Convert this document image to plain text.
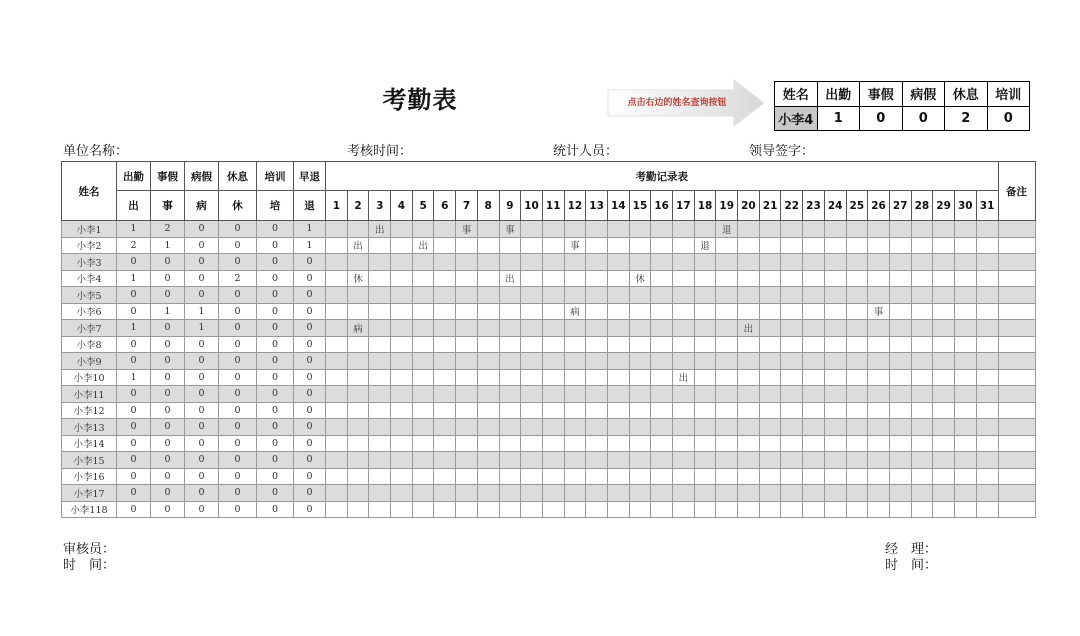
考勤表	点击右边的姓名查询按钮	姓名	出勤	事假	病假	休息	培训
小李4	1	0	0	2	0
单位名称：	考核时间：	统计人员：	领导签字：
姓名	出勤	事假	病假	休息	培训	早退	考勤记录表																															备注
	出	事	病	休	培	退	1	2	3	4	5	6	7	8	9	10	11	12	13	14	15	16	17	18	19	20	21	22	23	24	25	26	27	28	29	30	31	
小李1	1	2	0	0	0	1			出				事		事										退													
小李2	2	1	0	0	0	1		出			出							事						退														
小李3	0	0	0	0	0	0																																
小李4	1	0	0	2	0	0		休							出						休																	
小李5	0	0	0	0	0	0																																
小李6	0	1	1	0	0	0												病														事						
小李7	1	0	1	0	0	0		病																		出												
小李8	0	0	0	0	0	0																																
小李9	0	0	0	0	0	0																																
小李10	1	0	0	0	0	0																	出															
小李11	0	0	0	0	0	0																																
小李12	0	0	0	0	0	0																																
小李13	0	0	0	0	0	0																																
小李14	0	0	0	0	0	0																																
小李15	0	0	0	0	0	0																																
小李16	0	0	0	0	0	0																																
小李17	0	0	0	0	0	0																																
小李118	0	0	0	0	0	0																																
审核员：
时　间：
经　理：
时　间：
